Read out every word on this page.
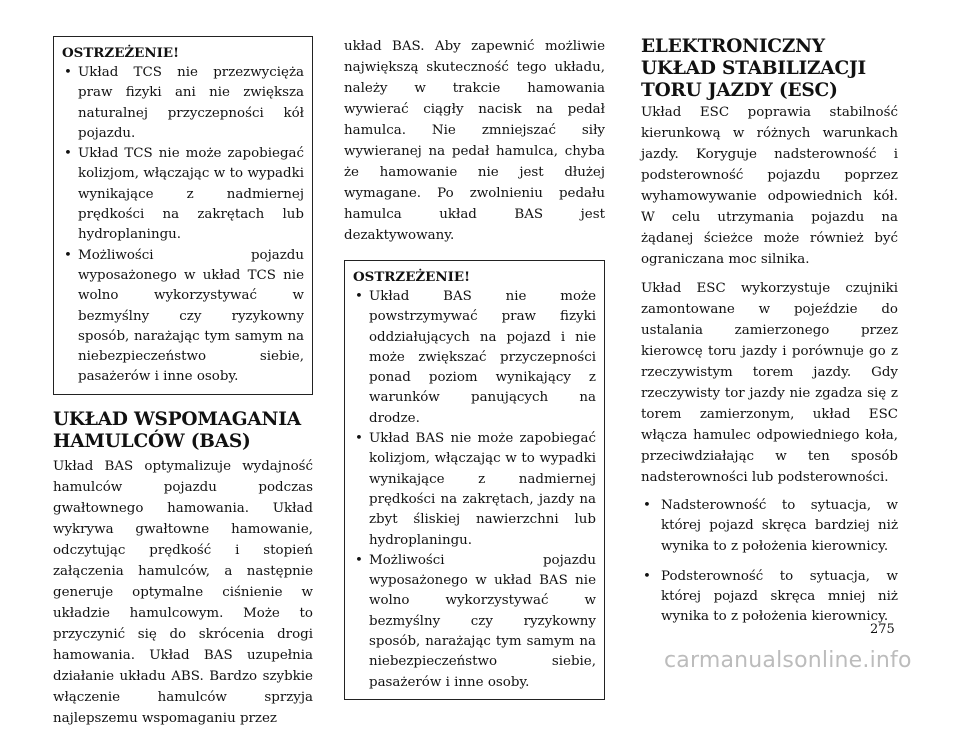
OSTRZEŻENIE!
• Układ TCS nie przezwycięża praw fizyki ani nie zwiększa naturalnej przyczepności kół pojazdu.
• Układ TCS nie może zapobiegać kolizjom, włączając w to wypadki wynikające z nadmiernej prędkości na zakrętach lub hydroplaningu.
• Możliwości pojazdu wyposażonego w układ TCS nie wolno wykorzystywać w bezmyślny czy ryzykowny sposób, narażając tym samym na niebezpieczeństwo siebie, pasażerów i inne osoby.
UKŁAD WSPOMAGANIA HAMULCÓW (BAS)

Układ BAS optymalizuje wydajność hamulców pojazdu podczas gwałtownego hamowania. Układ wykrywa gwałtowne hamowanie, odczytując prędkość i stopień załączenia hamulców, a następnie generuje optymalne ciśnienie w układzie hamulcowym. Może to przyczynić się do skrócenia drogi hamowania. Układ BAS uzupełnia działanie układu ABS. Bardzo szybkie włączenie hamulców sprzyja najlepszemu wspomaganiu przez

układ BAS. Aby zapewnić możliwie największą skuteczność tego układu, należy w trakcie hamowania wywierać ciągły nacisk na pedał hamulca. Nie zmniejszać siły wywieranej na pedał hamulca, chyba że hamowanie nie jest dłużej wymagane. Po zwolnieniu pedału hamulca układ BAS jest dezaktywowany.

OSTRZEŻENIE!
• Układ BAS nie może powstrzymywać praw fizyki oddziałujących na pojazd i nie może zwiększać przyczepności ponad poziom wynikający z warunków panujących na drodze.
• Układ BAS nie może zapobiegać kolizjom, włączając w to wypadki wynikające z nadmiernej prędkości na zakrętach, jazdy na zbyt śliskiej nawierzchni lub hydroplaningu.
• Możliwości pojazdu wyposażonego w układ BAS nie wolno wykorzystywać w bezmyślny czy ryzykowny sposób, narażając tym samym na niebezpieczeństwo siebie, pasażerów i inne osoby.
ELEKTRONICZNY UKŁAD STABILIZACJI TORU JAZDY (ESC)

Układ ESC poprawia stabilność kierunkową w różnych warunkach jazdy. Koryguje nadsterowność i podsterowność pojazdu poprzez wyhamowywanie odpowiednich kół. W celu utrzymania pojazdu na żądanej ścieżce może również być ograniczana moc silnika.

Układ ESC wykorzystuje czujniki zamontowane w pojeździe do ustalania zamierzonego przez kierowcę toru jazdy i porównuje go z rzeczywistym torem jazdy. Gdy rzeczywisty tor jazdy nie zgadza się z torem zamierzonym, układ ESC włącza hamulec odpowiedniego koła, przeciwdziałając w ten sposób nadsterowności lub podsterowności.

• Nadsterowność to sytuacja, w której pojazd skręca bardziej niż wynika to z położenia kierownicy.
• Podsterowność to sytuacja, w której pojazd skręca mniej niż wynika to z położenia kierownicy.
275
carmanualsonline.info
